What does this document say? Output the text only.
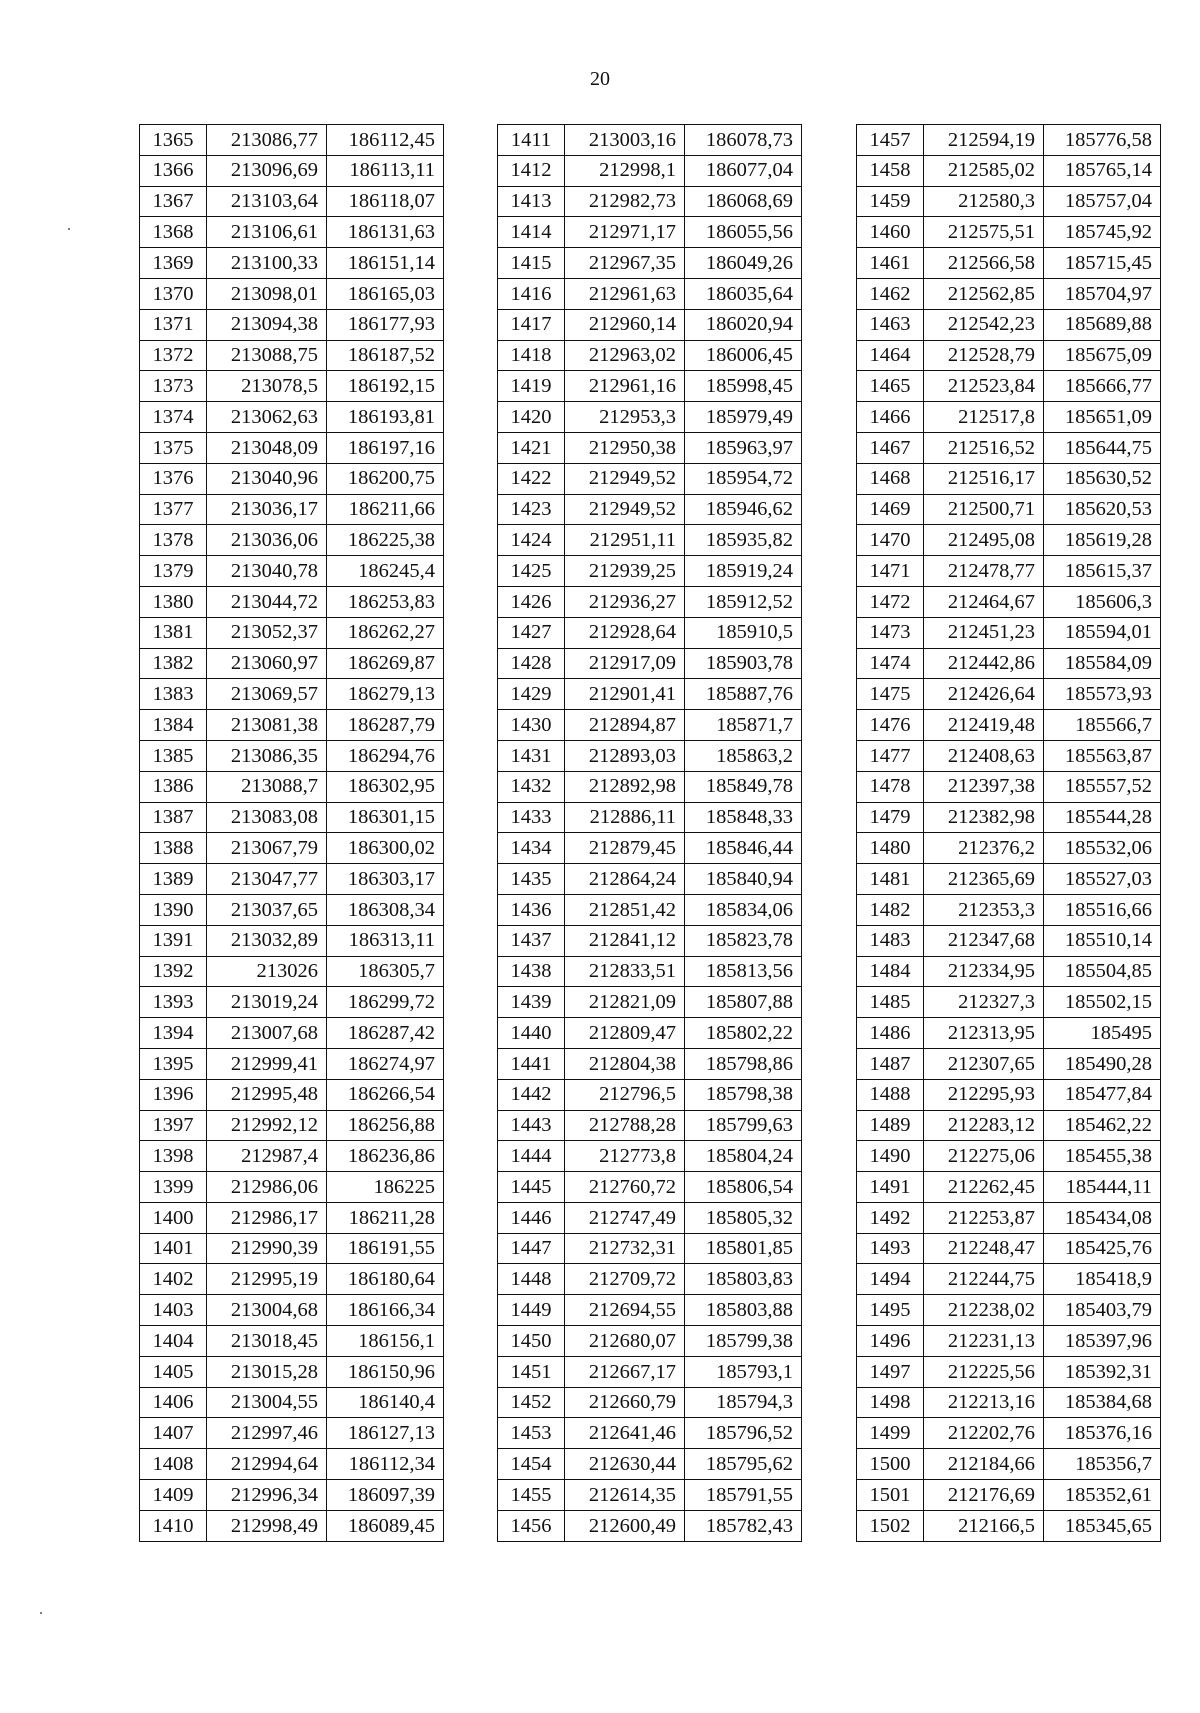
20
1365	213086,77	186112,45
1366	213096,69	186113,11
1367	213103,64	186118,07
1368	213106,61	186131,63
1369	213100,33	186151,14
1370	213098,01	186165,03
1371	213094,38	186177,93
1372	213088,75	186187,52
1373	213078,5	186192,15
1374	213062,63	186193,81
1375	213048,09	186197,16
1376	213040,96	186200,75
1377	213036,17	186211,66
1378	213036,06	186225,38
1379	213040,78	186245,4
1380	213044,72	186253,83
1381	213052,37	186262,27
1382	213060,97	186269,87
1383	213069,57	186279,13
1384	213081,38	186287,79
1385	213086,35	186294,76
1386	213088,7	186302,95
1387	213083,08	186301,15
1388	213067,79	186300,02
1389	213047,77	186303,17
1390	213037,65	186308,34
1391	213032,89	186313,11
1392	213026	186305,7
1393	213019,24	186299,72
1394	213007,68	186287,42
1395	212999,41	186274,97
1396	212995,48	186266,54
1397	212992,12	186256,88
1398	212987,4	186236,86
1399	212986,06	186225
1400	212986,17	186211,28
1401	212990,39	186191,55
1402	212995,19	186180,64
1403	213004,68	186166,34
1404	213018,45	186156,1
1405	213015,28	186150,96
1406	213004,55	186140,4
1407	212997,46	186127,13
1408	212994,64	186112,34
1409	212996,34	186097,39
1410	212998,49	186089,45
1411	213003,16	186078,73
1412	212998,1	186077,04
1413	212982,73	186068,69
1414	212971,17	186055,56
1415	212967,35	186049,26
1416	212961,63	186035,64
1417	212960,14	186020,94
1418	212963,02	186006,45
1419	212961,16	185998,45
1420	212953,3	185979,49
1421	212950,38	185963,97
1422	212949,52	185954,72
1423	212949,52	185946,62
1424	212951,11	185935,82
1425	212939,25	185919,24
1426	212936,27	185912,52
1427	212928,64	185910,5
1428	212917,09	185903,78
1429	212901,41	185887,76
1430	212894,87	185871,7
1431	212893,03	185863,2
1432	212892,98	185849,78
1433	212886,11	185848,33
1434	212879,45	185846,44
1435	212864,24	185840,94
1436	212851,42	185834,06
1437	212841,12	185823,78
1438	212833,51	185813,56
1439	212821,09	185807,88
1440	212809,47	185802,22
1441	212804,38	185798,86
1442	212796,5	185798,38
1443	212788,28	185799,63
1444	212773,8	185804,24
1445	212760,72	185806,54
1446	212747,49	185805,32
1447	212732,31	185801,85
1448	212709,72	185803,83
1449	212694,55	185803,88
1450	212680,07	185799,38
1451	212667,17	185793,1
1452	212660,79	185794,3
1453	212641,46	185796,52
1454	212630,44	185795,62
1455	212614,35	185791,55
1456	212600,49	185782,43
1457	212594,19	185776,58
1458	212585,02	185765,14
1459	212580,3	185757,04
1460	212575,51	185745,92
1461	212566,58	185715,45
1462	212562,85	185704,97
1463	212542,23	185689,88
1464	212528,79	185675,09
1465	212523,84	185666,77
1466	212517,8	185651,09
1467	212516,52	185644,75
1468	212516,17	185630,52
1469	212500,71	185620,53
1470	212495,08	185619,28
1471	212478,77	185615,37
1472	212464,67	185606,3
1473	212451,23	185594,01
1474	212442,86	185584,09
1475	212426,64	185573,93
1476	212419,48	185566,7
1477	212408,63	185563,87
1478	212397,38	185557,52
1479	212382,98	185544,28
1480	212376,2	185532,06
1481	212365,69	185527,03
1482	212353,3	185516,66
1483	212347,68	185510,14
1484	212334,95	185504,85
1485	212327,3	185502,15
1486	212313,95	185495
1487	212307,65	185490,28
1488	212295,93	185477,84
1489	212283,12	185462,22
1490	212275,06	185455,38
1491	212262,45	185444,11
1492	212253,87	185434,08
1493	212248,47	185425,76
1494	212244,75	185418,9
1495	212238,02	185403,79
1496	212231,13	185397,96
1497	212225,56	185392,31
1498	212213,16	185384,68
1499	212202,76	185376,16
1500	212184,66	185356,7
1501	212176,69	185352,61
1502	212166,5	185345,65
